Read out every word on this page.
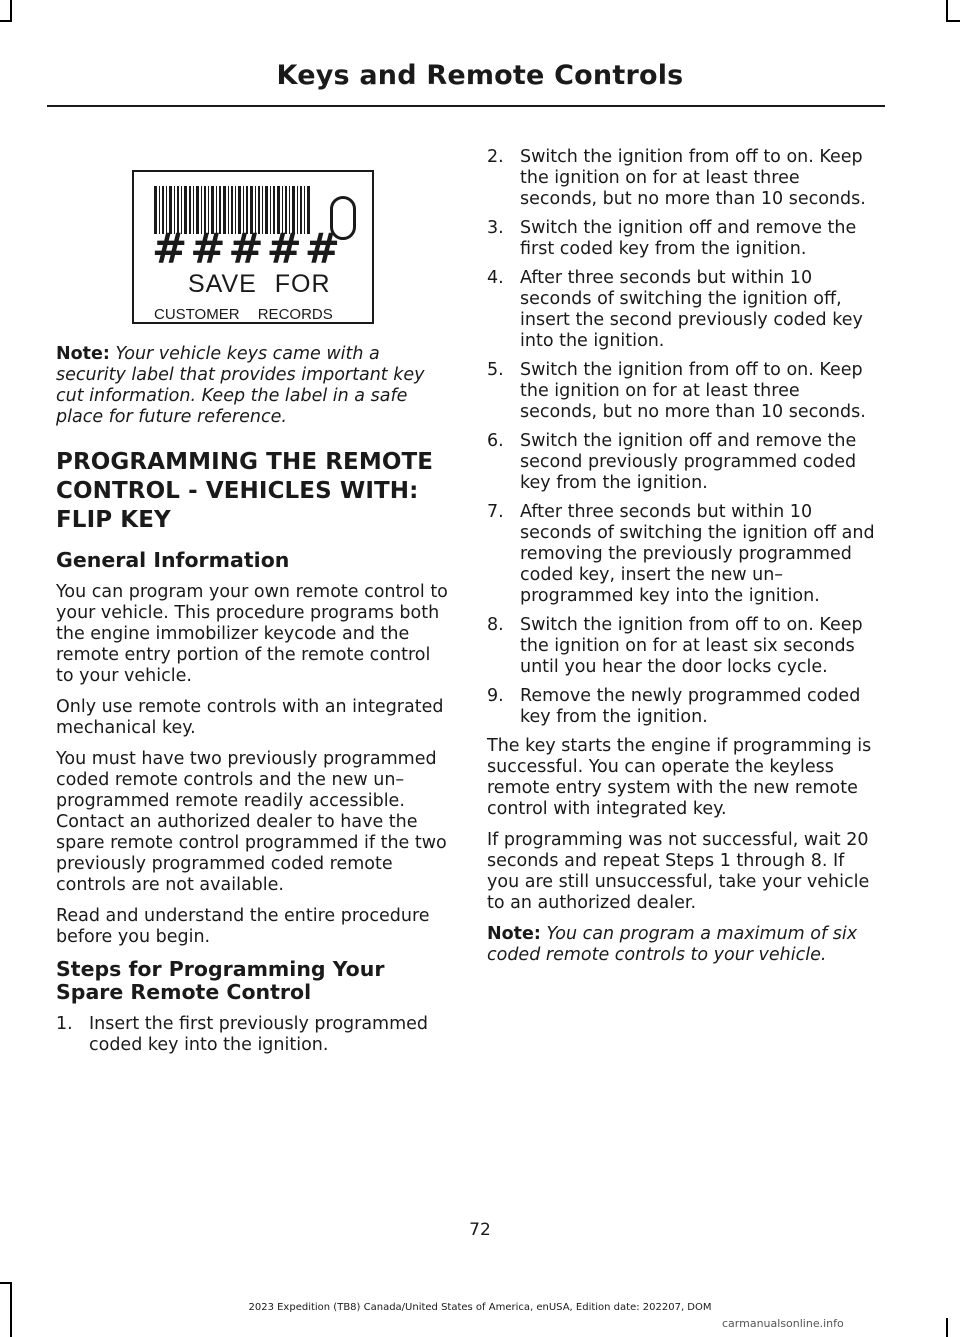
Keys and Remote Controls
#####
SAVE FOR
CUSTOMER RECORDS

Note: Your vehicle keys came with a security label that provides important key cut information. Keep the label in a safe place for future reference.

PROGRAMMING THE REMOTE CONTROL - VEHICLES WITH: FLIP KEY
General Information

You can program your own remote control to your vehicle. This procedure programs both the engine immobilizer keycode and the remote entry portion of the remote control to your vehicle.

Only use remote controls with an integrated mechanical key.

You must have two previously programmed coded remote controls and the new un–programmed remote readily accessible. Contact an authorized dealer to have the spare remote control programmed if the two previously programmed coded remote controls are not available.

Read and understand the entire procedure before you begin.

Steps for Programming Your Spare Remote Control
1. Insert the first previously programmed coded key into the ignition.
2. Switch the ignition from off to on. Keep the ignition on for at least three seconds, but no more than 10 seconds.
3. Switch the ignition off and remove the first coded key from the ignition.
4. After three seconds but within 10 seconds of switching the ignition off, insert the second previously coded key into the ignition.
5. Switch the ignition from off to on. Keep the ignition on for at least three seconds, but no more than 10 seconds.
6. Switch the ignition off and remove the second previously programmed coded key from the ignition.
7. After three seconds but within 10 seconds of switching the ignition off and removing the previously programmed coded key, insert the new un–programmed key into the ignition.
8. Switch the ignition from off to on. Keep the ignition on for at least six seconds until you hear the door locks cycle.
9. Remove the newly programmed coded key from the ignition.

The key starts the engine if programming is successful. You can operate the keyless remote entry system with the new remote control with integrated key.

If programming was not successful, wait 20 seconds and repeat Steps 1 through 8. If you are still unsuccessful, take your vehicle to an authorized dealer.

Note: You can program a maximum of six coded remote controls to your vehicle.

72
2023 Expedition (TB8) Canada/United States of America, enUSA, Edition date: 202207, DOM
carmanualsonline.info
